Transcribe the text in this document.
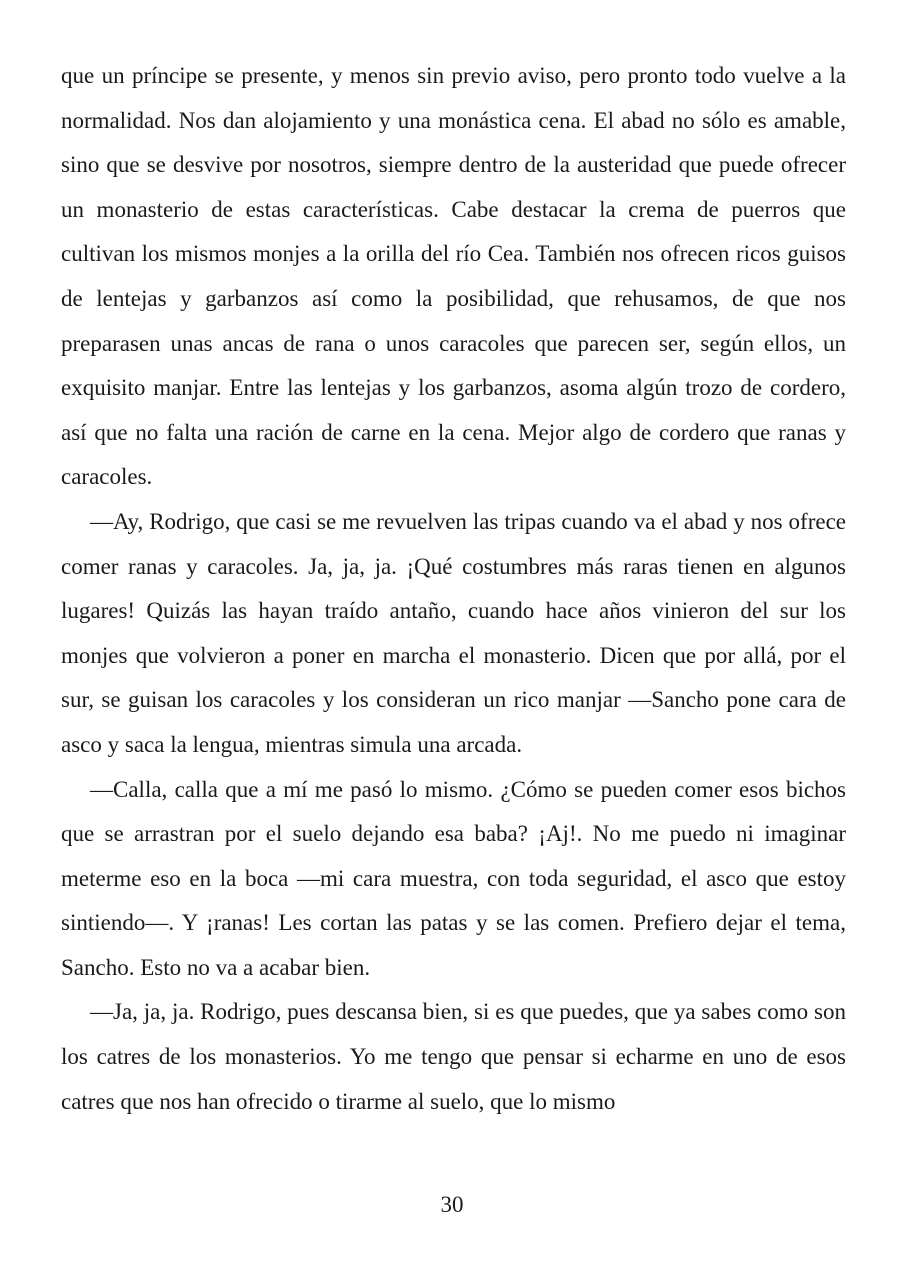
que un príncipe se presente, y menos sin previo aviso, pero pronto todo vuelve a la normalidad. Nos dan alojamiento y una monástica cena. El abad no sólo es amable, sino que se desvive por nosotros, siempre dentro de la austeridad que puede ofrecer un monasterio de estas características. Cabe destacar la crema de puerros que cultivan los mismos monjes a la orilla del río Cea. También nos ofrecen ricos guisos de lentejas y garbanzos así como la posibilidad, que rehusamos, de que nos preparasen unas ancas de rana o unos caracoles que parecen ser, según ellos, un exquisito manjar. Entre las lentejas y los garbanzos, asoma algún trozo de cordero, así que no falta una ración de carne en la cena. Mejor algo de cordero que ranas y caracoles.

—Ay, Rodrigo, que casi se me revuelven las tripas cuando va el abad y nos ofrece comer ranas y caracoles. Ja, ja, ja. ¡Qué costumbres más raras tienen en algunos lugares! Quizás las hayan traído antaño, cuando hace años vinieron del sur los monjes que volvieron a poner en marcha el monasterio. Dicen que por allá, por el sur, se guisan los caracoles y los consideran un rico manjar —Sancho pone cara de asco y saca la lengua, mientras simula una arcada.

—Calla, calla que a mí me pasó lo mismo. ¿Cómo se pueden comer esos bichos que se arrastran por el suelo dejando esa baba? ¡Aj!. No me puedo ni imaginar meterme eso en la boca —mi cara muestra, con toda seguridad, el asco que estoy sintiendo—. Y ¡ranas! Les cortan las patas y se las comen. Prefiero dejar el tema, Sancho. Esto no va a acabar bien.

—Ja, ja, ja. Rodrigo, pues descansa bien, si es que puedes, que ya sabes como son los catres de los monasterios. Yo me tengo que pensar si echarme en uno de esos catres que nos han ofrecido o tirarme al suelo, que lo mismo

30
